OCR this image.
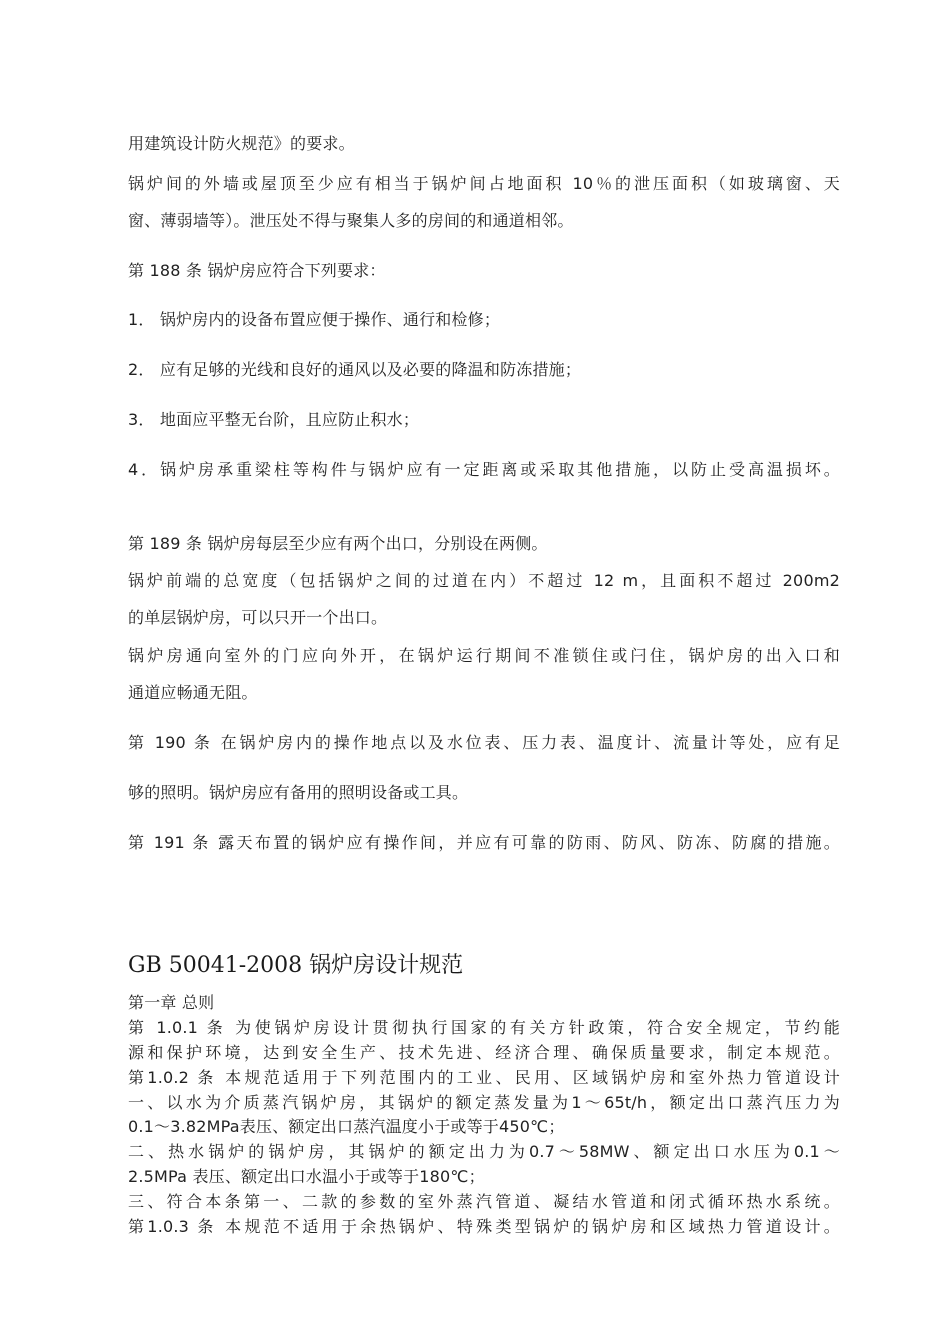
用建筑设计防火规范》的要求。
锅炉间的外墙或屋顶至少应有相当于锅炉间占地面积 10％的泄压面积（如玻璃窗、天
窗、薄弱墙等）。泄压处不得与聚集人多的房间的和通道相邻。
第 188 条 锅炉房应符合下列要求：
1． 锅炉房内的设备布置应便于操作、通行和检修；
2． 应有足够的光线和良好的通风以及必要的降温和防冻措施；
3． 地面应平整无台阶，且应防止积水；
4．锅炉房承重梁柱等构件与锅炉应有一定距离或采取其他措施，以防止受高温损坏。
第 189 条 锅炉房每层至少应有两个出口，分别设在两侧。
锅炉前端的总宽度（包括锅炉之间的过道在内）不超过 12 m，且面积不超过 200m2
的单层锅炉房，可以只开一个出口。
锅炉房通向室外的门应向外开，在锅炉运行期间不准锁住或闩住，锅炉房的出入口和
通道应畅通无阻。
第 190 条 在锅炉房内的操作地点以及水位表、压力表、温度计、流量计等处，应有足
够的照明。锅炉房应有备用的照明设备或工具。
第 191 条 露天布置的锅炉应有操作间，并应有可靠的防雨、防风、防冻、防腐的措施。
GB 50041-2008 锅炉房设计规范
第一章 总则
第 1.0.1 条 为使锅炉房设计贯彻执行国家的有关方针政策，符合安全规定，节约能
源和保护环境，达到安全生产、技术先进、经济合理、确保质量要求，制定本规范。
第1.0.2 条 本规范适用于下列范围内的工业、民用、区域锅炉房和室外热力管道设计
一、以水为介质蒸汽锅炉房，其锅炉的额定蒸发量为1～65t/h，额定出口蒸汽压力为
0.1～3.82MPa表压、额定出口蒸汽温度小于或等于450℃；
二、热水锅炉的锅炉房，其锅炉的额定出力为0.7～58MW、额定出口水压为0.1～
2.5MPa 表压、额定出口水温小于或等于180℃；
三、符合本条第一、二款的参数的室外蒸汽管道、凝结水管道和闭式循环热水系统。
第1.0.3 条 本规范不适用于余热锅炉、特殊类型锅炉的锅炉房和区域热力管道设计。
